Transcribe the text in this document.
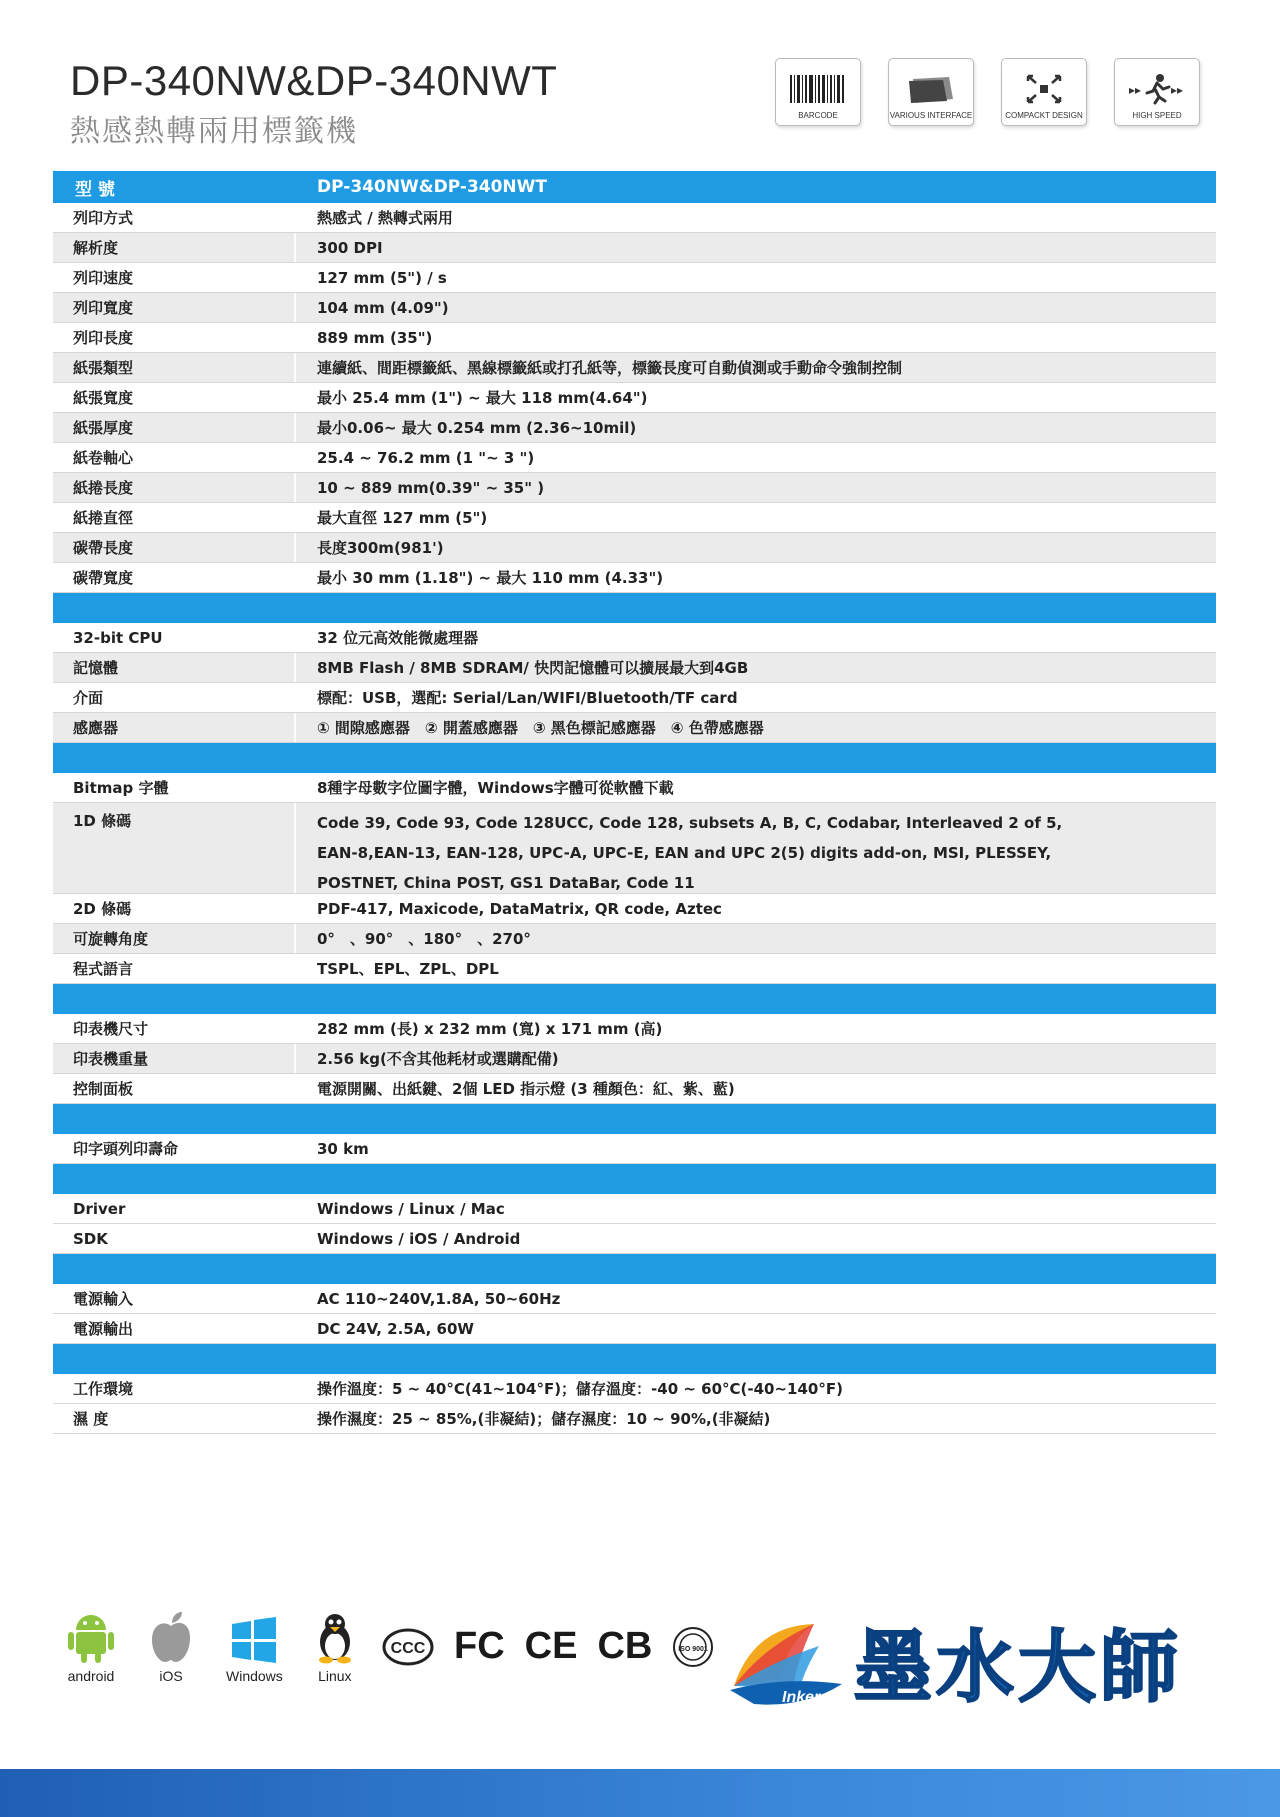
DP-340NW&DP-340NWT
熱感熱轉兩用標籤機	BARCODE	VARIOUS INTERFACE	COMPACKT DESIGN
▸▸ ▸▸
HIGH SPEED
型 號	DP-340NW&DP-340NWT
列印方式	熱感式 / 熱轉式兩用
解析度	300 DPI
列印速度	127 mm (5") / s
列印寬度	104 mm (4.09")
列印長度	889 mm (35")
紙張類型	連續紙、間距標籤紙、黑線標籤紙或打孔紙等，標籤長度可自動偵測或手動命令強制控制
紙張寬度	最小 25.4 mm (1") ~ 最大 118 mm(4.64")
紙張厚度	最小0.06~ 最大 0.254 mm (2.36~10mil)
紙卷軸心	25.4 ~ 76.2 mm (1 "~ 3 ")
紙捲長度	10 ~ 889 mm(0.39" ~ 35" )
紙捲直徑	最大直徑 127 mm (5")
碳帶長度	長度300m(981')
碳帶寬度	最小 30 mm (1.18") ~ 最大 110 mm (4.33")
32-bit CPU	32 位元高效能微處理器
記憶體	8MB Flash / 8MB SDRAM/ 快閃記憶體可以擴展最大到4GB
介面	標配：USB，選配: Serial/Lan/WIFI/Bluetooth/TF card
感應器	① 間隙感應器　② 開蓋感應器　③ 黑色標記感應器　④ 色帶感應器
Bitmap 字體	8種字母數字位圖字體，Windows字體可從軟體下載
1D 條碼	Code 39, Code 93, Code 128UCC, Code 128, subsets A, B, C, Codabar, Interleaved 2 of 5,
EAN-8,EAN-13, EAN-128, UPC-A, UPC-E, EAN and UPC 2(5) digits add-on, MSI, PLESSEY,
POSTNET, China POST, GS1 DataBar, Code 11
2D 條碼	PDF-417, Maxicode, DataMatrix, QR code, Aztec
可旋轉角度	0°　、90°　、180°　、270°
程式語言	TSPL、EPL、ZPL、DPL
印表機尺寸	282 mm (長) x 232 mm (寬) x 171 mm (高)
印表機重量	2.56 kg(不含其他耗材或選購配備)
控制面板	電源開關、出紙鍵、2個 LED 指示燈 (3 種顏色：紅、紫、藍)
印字頭列印壽命	30 km
Driver	Windows / Linux / Mac
SDK	Windows / iOS / Android
電源輸入	AC 110~240V,1.8A, 50~60Hz
電源輸出	DC 24V, 2.5A, 60W
工作環境	操作溫度：5 ~ 40°C(41~104°F)；儲存溫度：-40 ~ 60°C(-40~140°F)
濕 度	操作濕度：25 ~ 85%,(非凝結)；儲存濕度：10 ~ 90%,(非凝結)
android	iOS	Windows	Linux
CCC FC CE CB	ISO 9001
Inker 墨水大師
